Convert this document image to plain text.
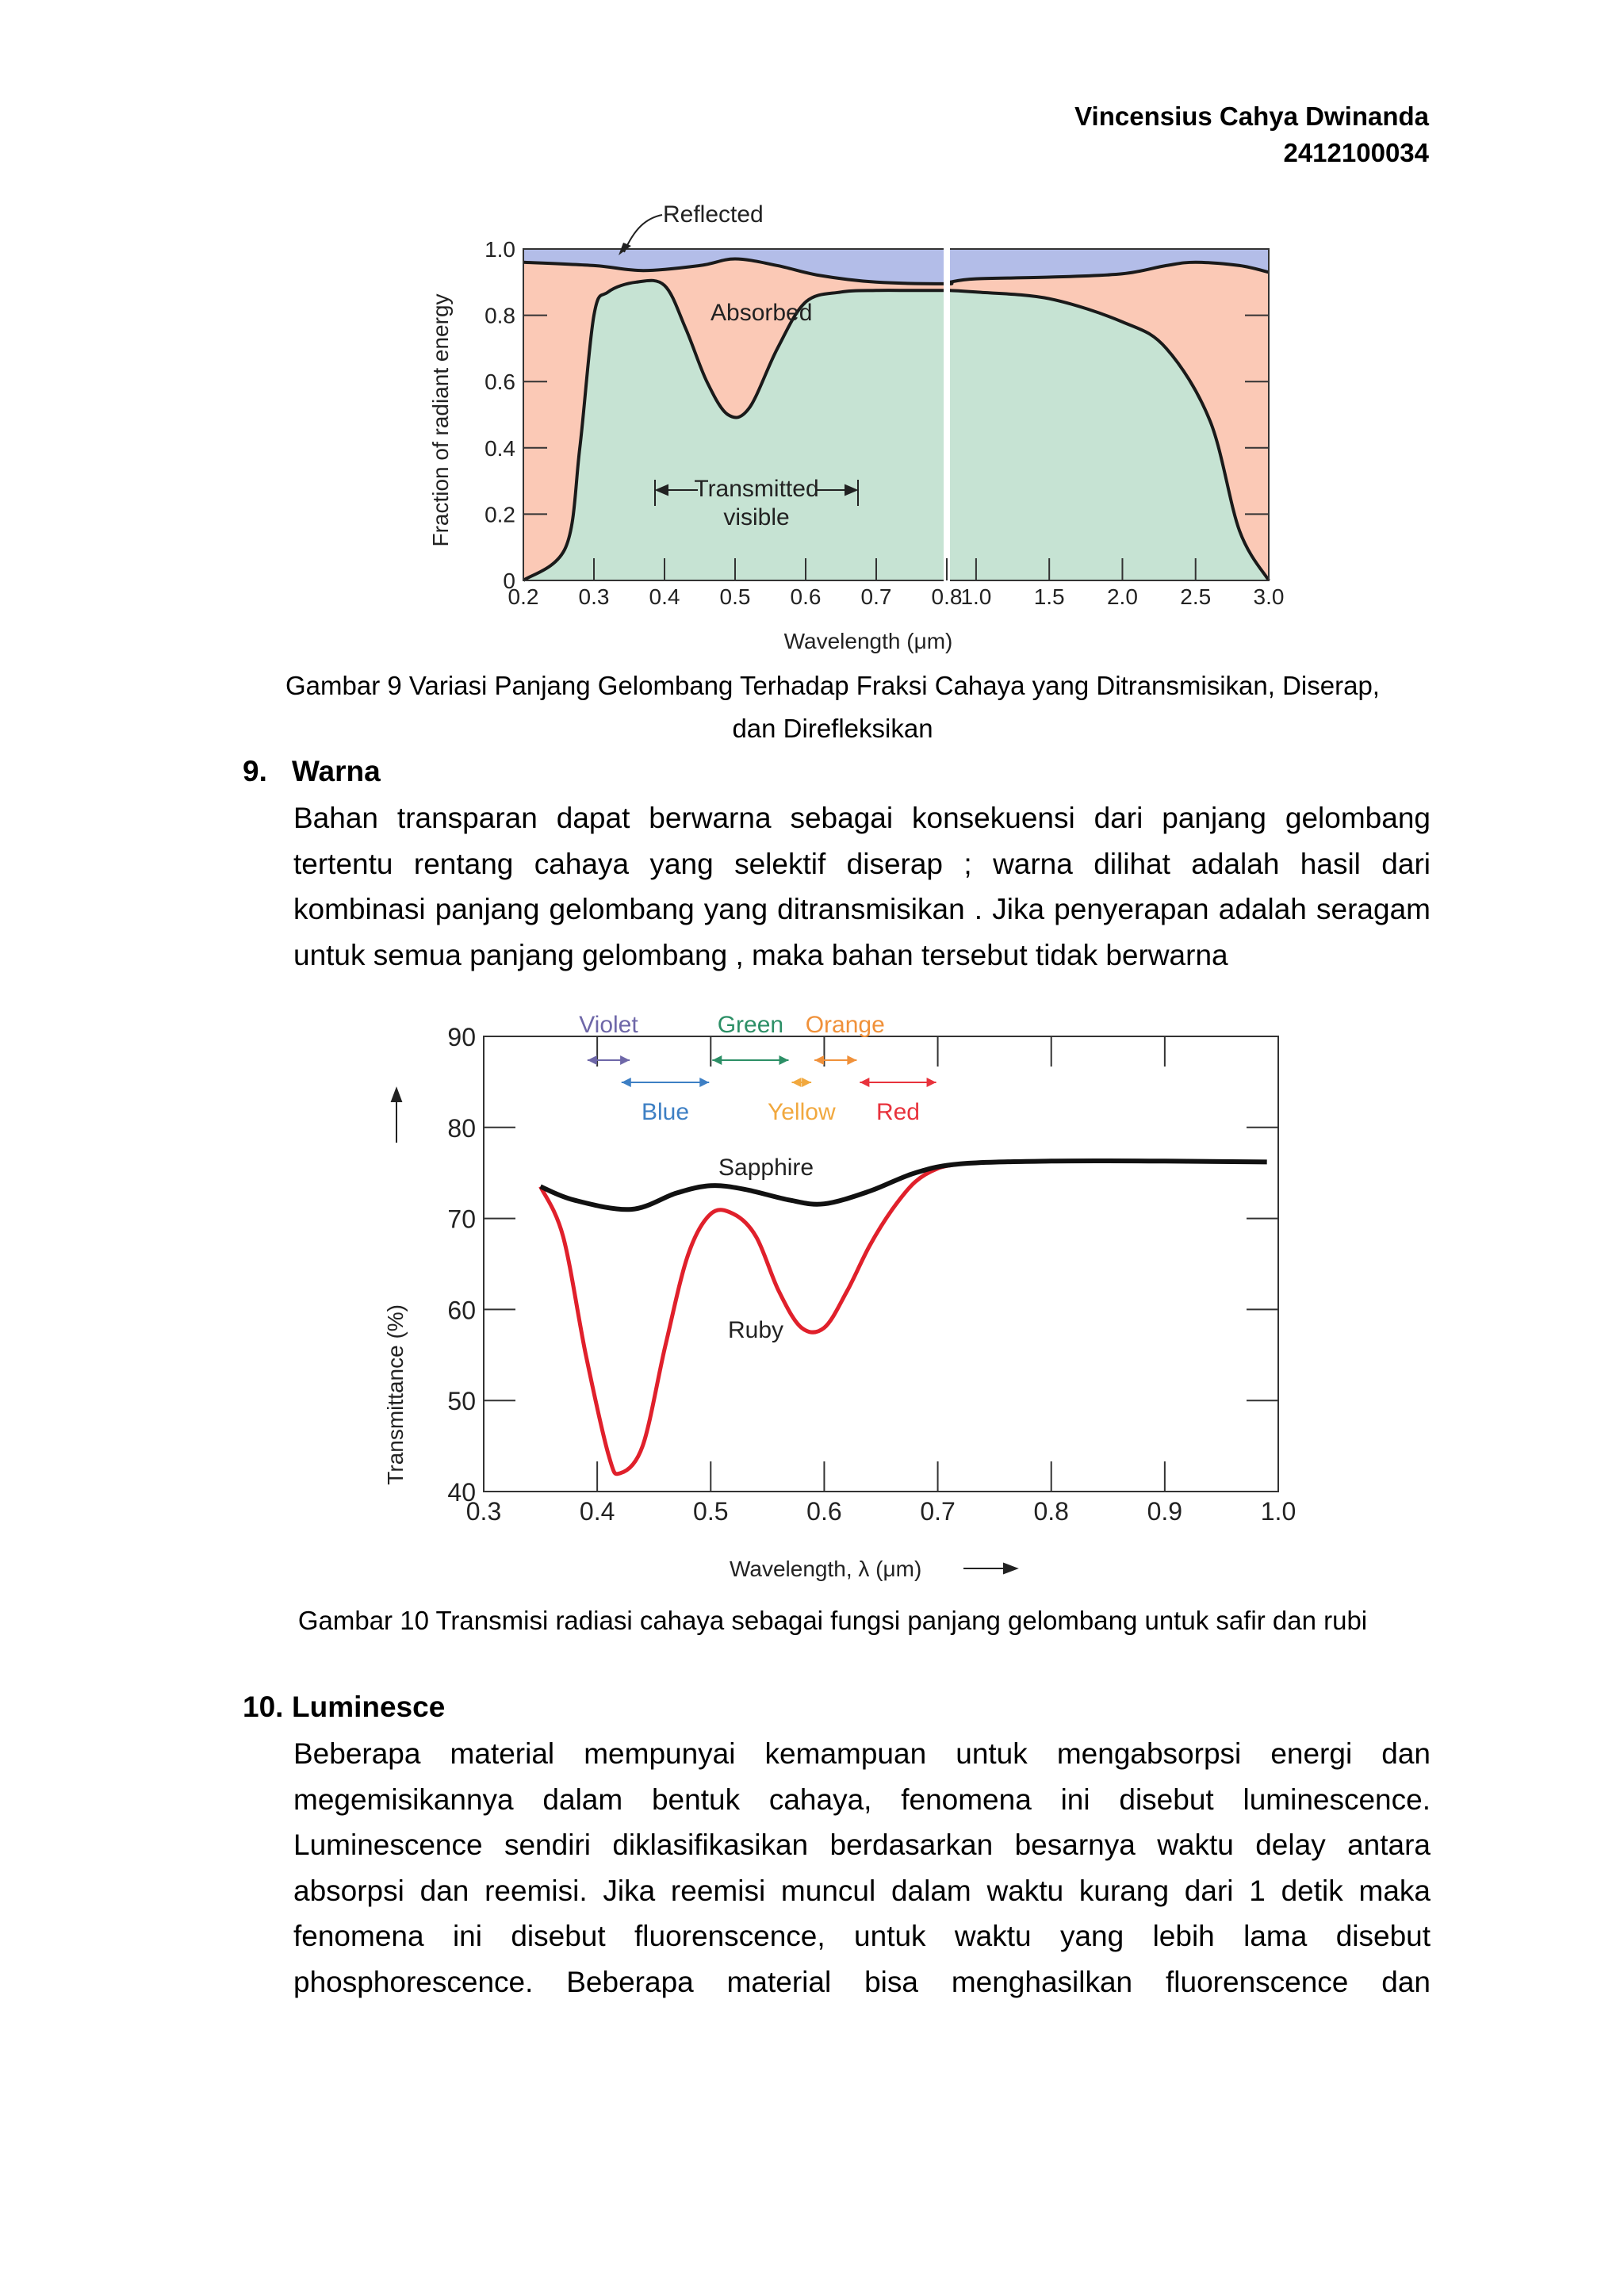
Vincensius Cahya Dwinanda
2412100034
0
0.2
0.4
0.6
0.8
1.0
0.2 0.3 0.4 0.5 0.6 0.7 0.8
1.0 1.5 2.0 2.5 3.0
Reflected
Absorbed
Transmitted
visible
Fraction of radiant energy
Wavelength (μm)
Gambar 9 Variasi Panjang Gelombang Terhadap Fraksi Cahaya yang Ditransmisikan, Diserap,
dan Direfleksikan
9. Warna
Bahan transparan dapat berwarna sebagai konsekuensi dari panjang gelombang
tertentu rentang cahaya yang selektif diserap ; warna dilihat adalah hasil dari
kombinasi panjang gelombang yang ditransmisikan . Jika penyerapan adalah seragam
untuk semua panjang gelombang , maka bahan tersebut tidak berwarna
40
50
60
70
80
90
0.3	0.4	0.5	0.6	0.7	0.8	0.9	1.0
Violet
Blue
Green
Yellow
Orange
Red
Sapphire
Ruby
Transmittance (%)
Wavelength, λ (μm)
Gambar 10 Transmisi radiasi cahaya sebagai fungsi panjang gelombang untuk safir dan rubi
10. Luminesce
Beberapa material mempunyai kemampuan untuk mengabsorpsi energi dan
megemisikannya dalam bentuk cahaya, fenomena ini disebut luminescence.
Luminescence sendiri diklasifikasikan berdasarkan besarnya waktu delay antara
absorpsi dan reemisi. Jika reemisi muncul dalam waktu kurang dari 1 detik maka
fenomena ini disebut fluorenscence, untuk waktu yang lebih lama disebut
phosphorescence. Beberapa material bisa menghasilkan fluorenscence dan
